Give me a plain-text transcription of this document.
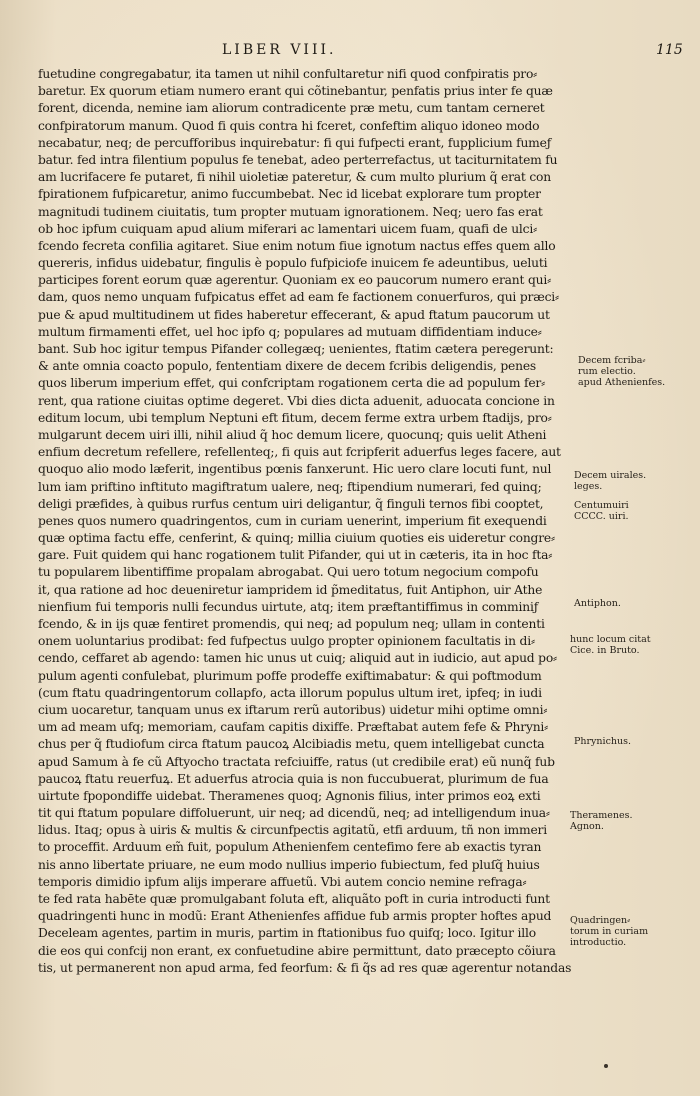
LIBER VIII.	115
fuetudine congregabatur, ita tamen ut nihil confultaretur nifi quod confpiratis pro⸗
baretur. Ex quorum etiam numero erant qui cõtinebantur, penfatis prius inter fe quæ
forent, dicenda, nemine iam aliorum contradicente præ metu, cum tantam cerneret
confpiratorum manum. Quod fi quis contra hi fceret, confeftim aliquo idoneo modo
necabatur, neq; de percufforibus inquirebatur: fi qui fufpecti erant, fupplicium fumeƒ
batur. fed intra filentium populus fe tenebat, adeo perterrefactus, ut taciturnitatem fu
am lucrifacere fe putaret, fi nihil uioletiæ pateretur, & cum multo plurium q̃ erat con
fpirationem fufpicaretur, animo fuccumbebat. Nec id licebat explorare tum propter
magnitudi tudinem ciuitatis, tum propter mutuam ignorationem. Neq; uero fas erat
ob hoc ipfum cuiquam apud alium miferari ac lamentari uicem fuam, quafi de ulci⸗
fcendo fecreta confilia agitaret. Siue enim notum fiue ignotum nactus effes quem allo
quereris, infidus uidebatur, fingulis è populo fufpiciofe inuicem fe adeuntibus, ueluti
participes forent eorum quæ agerentur. Quoniam ex eo paucorum numero erant qui⸗
dam, quos nemo unquam fufpicatus effet ad eam fe factionem conuerfuros, qui præci⸗
pue & apud multitudinem ut fides haberetur effecerant, & apud ftatum paucorum ut
multum firmamenti effet, uel hoc ipfo q; populares ad mutuam diffidentiam induce⸗
bant. Sub hoc igitur tempus Pifander collegæq; uenientes, ftatim cætera peregerunt:
& ante omnia coacto populo, fententiam dixere de decem fcribis deligendis, penes
quos liberum imperium effet, qui confcriptam rogationem certa die ad populum fer⸗
rent, qua ratione ciuitas optime degeret. Vbi dies dicta aduenit, aduocata concione in
editum locum, ubi templum Neptuni eft fitum, decem ferme extra urbem ftadijs, pro⸗
mulgarunt decem uiri illi, nihil aliud q̃ hoc demum licere, quocunq; quis uelit Atheni
enfium decretum refellere, refellenteq;, fi quis aut fcripferit aduerfus leges facere, aut
quoquo alio modo læferit, ingentibus pœnis fanxerunt. Hic uero clare locuti funt, nul
lum iam priftino inftituto magiftratum ualere, neq; ftipendium numerari, fed quinq;
deligi præfides, à quibus rurfus centum uiri deligantur, q̃ finguli ternos fibi cooptet,
penes quos numero quadringentos, cum in curiam uenerint, imperium fit exequendi
quæ optima factu effe, cenferint, & quinq; millia ciuium quoties eis uideretur congre⸗
gare. Fuit quidem qui hanc rogationem tulit Pifander, qui ut in cæteris, ita in hoc fta⸗
tu popularem libentiffime propalam abrogabat. Qui uero totum negocium compofu
it, qua ratione ad hoc deueniretur iampridem id p̃meditatus, fuit Antiphon, uir Athe
nienfium fui temporis nulli fecundus uirtute, atq; item præftantiffimus in comminiƒ
fcendo, & in ijs quæ fentiret promendis, qui neq; ad populum neq; ullam in contenti
onem uoluntarius prodibat: fed fufpectus uulgo propter opinionem facultatis in di⸗
cendo, ceffaret ab agendo: tamen hic unus ut cuiq; aliquid aut in iudicio, aut apud po⸗
pulum agenti confulebat, plurimum poffe prodeffe exiftimabatur: & qui poftmodum
(cum ftatu quadringentorum collapfo, acta illorum populus ultum iret, ipfeq; in iudi
cium uocaretur, tanquam unus ex iftarum rerũ autoribus) uidetur mihi optime omni⸗
um ad meam ufq; memoriam, caufam capitis dixiffe. Præftabat autem fefe & Phryni⸗
chus per q̃ ftudiofum circa ftatum paucoꝝ Alcibiadis metu, quem intelligebat cuncta
apud Samum à fe cũ Aftyocho tractata refciuiffe, ratus (ut credibile erat) eũ nunq̃ fub
paucoꝝ ftatu reuerfuꝝ. Et aduerfus atrocia quia is non fuccubuerat, plurimum de fua
uirtute fpopondiffe uidebat. Theramenes quoq; Agnonis filius, inter primos eoꝝ exti
tit qui ftatum populare diffoluerunt, uir neq; ad dicendũ, neq; ad intelligendum inua⸗
lidus. Itaq; opus à uiris & multis & circunfpectis agitatũ, etfi arduum, tñ non immeri
to proceffit. Arduum em̃ fuit, populum Athenienfem centefimo fere ab exactis tyran
nis anno libertate priuare, ne eum modo nullius imperio fubiectum, fed pluſq̃ huius
temporis dimidio ipfum alijs imperare affuetũ. Vbi autem concio nemine refraga⸗
te fed rata habēte quæ promulgabant foluta eft, aliquãto poft in curia introducti funt
quadringenti hunc in modũ: Erant Athenienfes affidue fub armis propter hoftes apud
Deceleam agentes, partim in muris, partim in ftationibus fuo quifq; loco. Igitur illo
die eos qui confcij non erant, ex confuetudine abire permittunt, dato præcepto cõiura
tis, ut permanerent non apud arma, fed feorfum: & fi q̃s ad res quæ agerentur notandas
Decem fcriba⸗
rum electio.
apud Athenienfes.
Decem uirales.
leges.
Centumuiri
CCCC. uiri.
Antiphon.
hunc locum citat
Cice. in Bruto.
Phrynichus.
Theramenes.
Agnon.
Quadringen⸗
torum in curiam
introductio.
